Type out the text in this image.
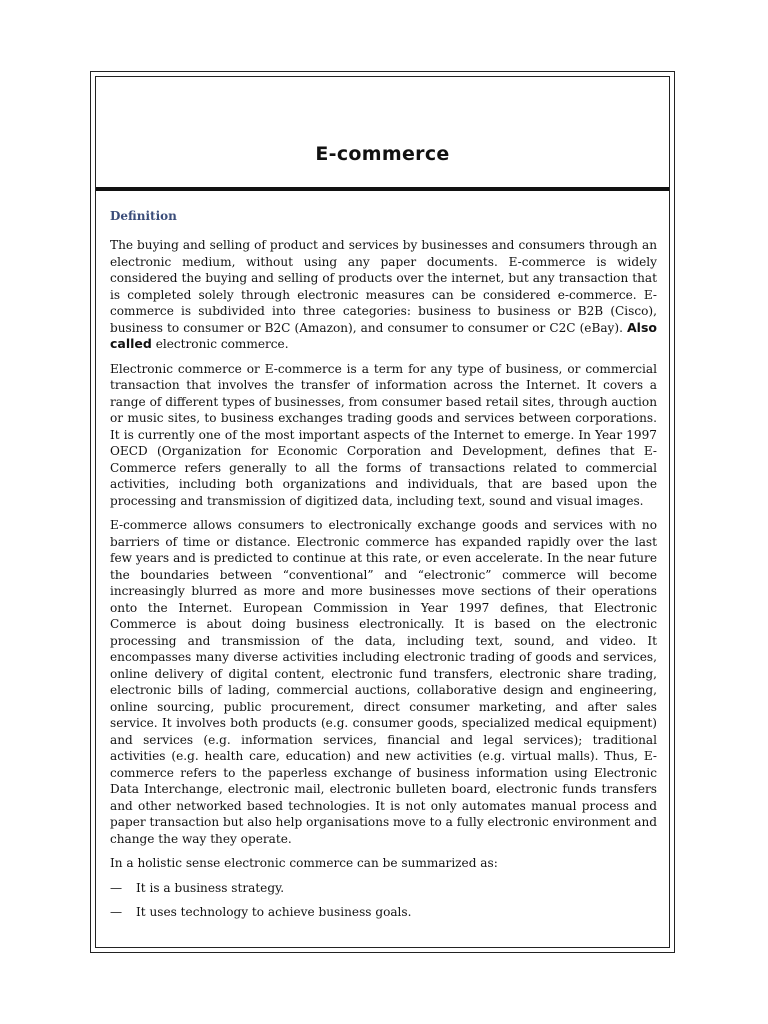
E-commerce
Definition

The buying and selling of product and services by businesses and consumers through an electronic medium, without using any paper documents. E-commerce is widely considered the buying and selling of products over the internet, but any transaction that is completed solely through electronic measures can be considered e-commerce. E-commerce is subdivided into three categories: business to business or B2B (Cisco), business to consumer or B2C (Amazon), and consumer to consumer or C2C (eBay). Also called electronic commerce.

Electronic commerce or E-commerce is a term for any type of business, or commercial transaction that involves the transfer of information across the Internet. It covers a range of different types of businesses, from consumer based retail sites, through auction or music sites, to business exchanges trading goods and services between corporations. It is currently one of the most important aspects of the Internet to emerge. In Year 1997 OECD (Organization for Economic Corporation and Development, defines that E-Commerce refers generally to all the forms of transactions related to commercial activities, including both organizations and individuals, that are based upon the processing and transmission of digitized data, including text, sound and visual images.

E-commerce allows consumers to electronically exchange goods and services with no barriers of time or distance. Electronic commerce has expanded rapidly over the last few years and is predicted to continue at this rate, or even accelerate. In the near future the boundaries between “conventional” and “electronic” commerce will become increasingly blurred as more and more businesses move sections of their operations onto the Internet. European Commission in Year 1997 defines, that Electronic Commerce is about doing business electronically. It is based on the electronic processing and transmission of the data, including text, sound, and video. It encompasses many diverse activities including electronic trading of goods and services, online delivery of digital content, electronic fund transfers, electronic share trading, electronic bills of lading, commercial auctions, collaborative design and engineering, online sourcing, public procurement, direct consumer marketing, and after sales service. It involves both products (e.g. consumer goods, specialized medical equipment) and services (e.g. information services, financial and legal services); traditional activities (e.g. health care, education) and new activities (e.g. virtual malls). Thus, E-commerce refers to the paperless exchange of business information using Electronic Data Interchange, electronic mail, electronic bulleten board, electronic funds transfers and other networked based technologies. It is not only automates manual process and paper transaction but also help organisations move to a fully electronic environment and change the way they operate.

In a holistic sense electronic commerce can be summarized as:

—	It is a business strategy.
—	It uses technology to achieve business goals.
